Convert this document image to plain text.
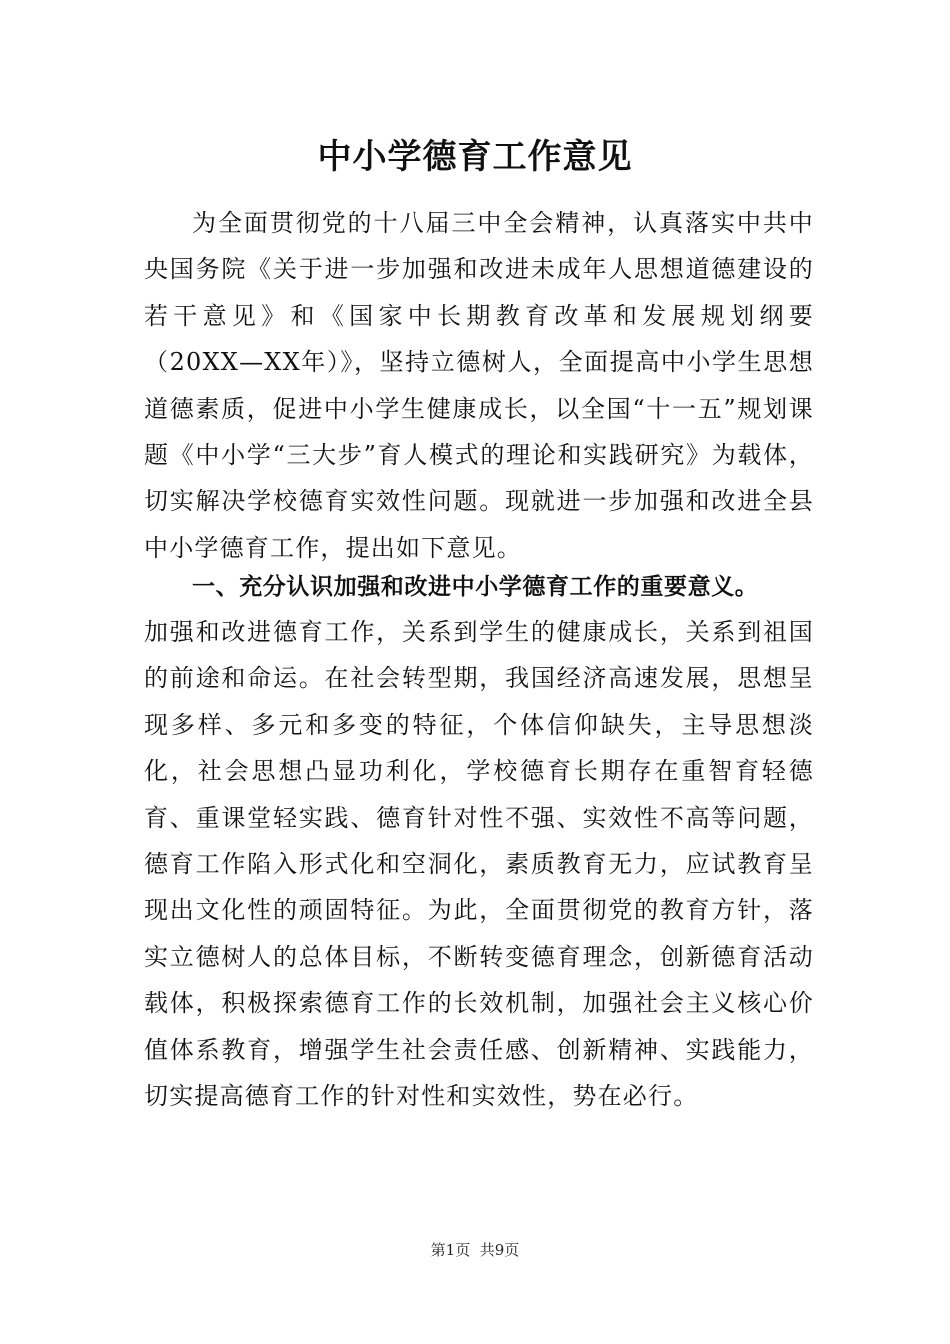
中小学德育工作意见

为全面贯彻党的十八届三中全会精神，认真落实中共中央国务院《关于进一步加强和改进未成年人思想道德建设的若干意见》和《国家中长期教育改革和发展规划纲要（20XX—XX年）》，坚持立德树人，全面提高中小学生思想道德素质，促进中小学生健康成长，以全国“十一五”规划课题《中小学“三大步”育人模式的理论和实践研究》为载体，切实解决学校德育实效性问题。现就进一步加强和改进全县中小学德育工作，提出如下意见。

一、充分认识加强和改进中小学德育工作的重要意义。

加强和改进德育工作，关系到学生的健康成长，关系到祖国的前途和命运。在社会转型期，我国经济高速发展，思想呈现多样、多元和多变的特征，个体信仰缺失，主导思想淡化，社会思想凸显功利化，学校德育长期存在重智育轻德育、重课堂轻实践、德育针对性不强、实效性不高等问题，德育工作陷入形式化和空洞化，素质教育无力，应试教育呈现出文化性的顽固特征。为此，全面贯彻党的教育方针，落实立德树人的总体目标，不断转变德育理念，创新德育活动载体，积极探索德育工作的长效机制，加强社会主义核心价值体系教育，增强学生社会责任感、创新精神、实践能力，切实提高德育工作的针对性和实效性，势在必行。

第1页 共9页
